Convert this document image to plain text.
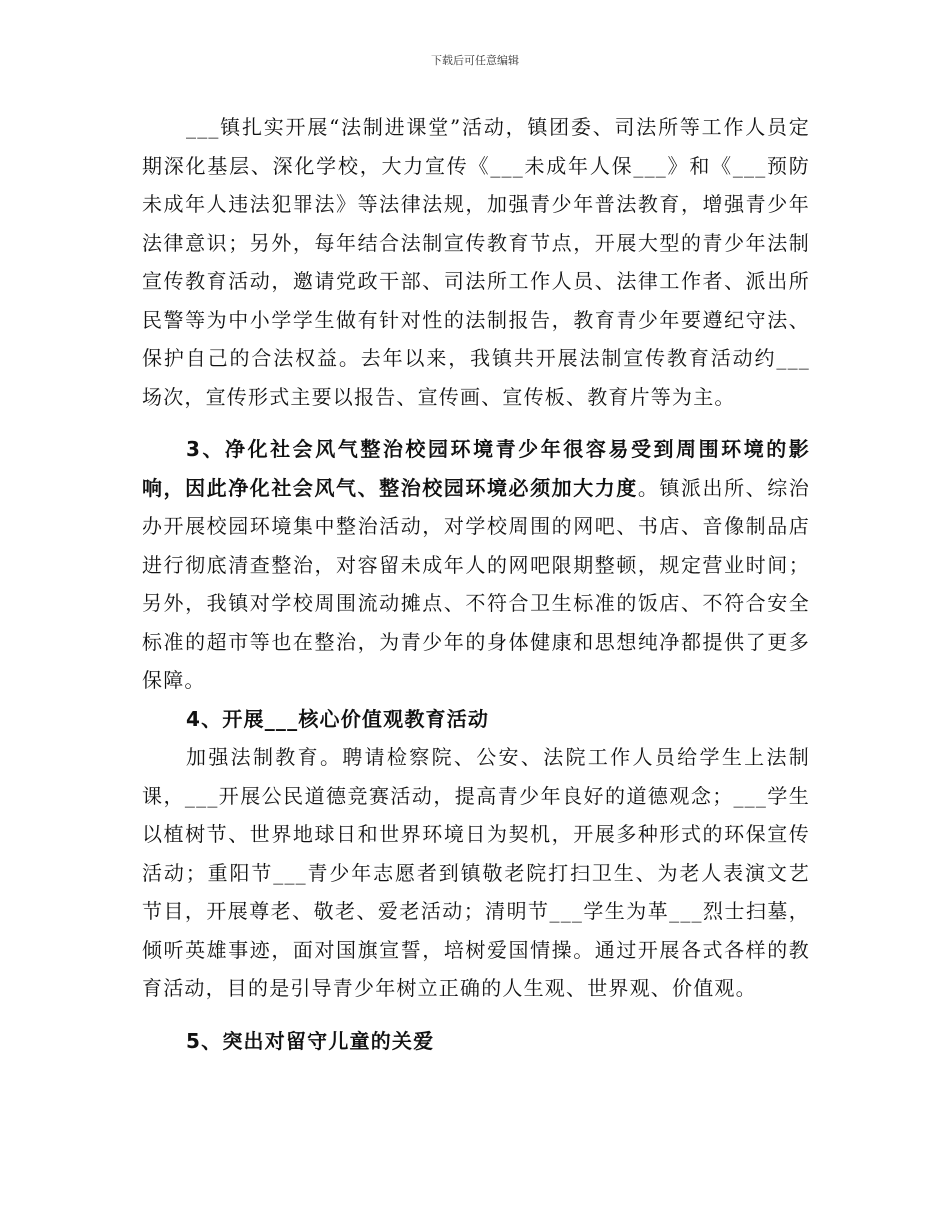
下载后可任意编辑

___镇扎实开展“法制进课堂”活动，镇团委、司法所等工作人员定期深化基层、深化学校，大力宣传《___未成年人保___》和《___预防未成年人违法犯罪法》等法律法规，加强青少年普法教育，增强青少年法律意识；另外，每年结合法制宣传教育节点，开展大型的青少年法制宣传教育活动，邀请党政干部、司法所工作人员、法律工作者、派出所民警等为中小学学生做有针对性的法制报告，教育青少年要遵纪守法、保护自己的合法权益。去年以来，我镇共开展法制宣传教育活动约___场次，宣传形式主要以报告、宣传画、宣传板、教育片等为主。

3、净化社会风气整治校园环境青少年很容易受到周围环境的影响，因此净化社会风气、整治校园环境必须加大力度。镇派出所、综治办开展校园环境集中整治活动，对学校周围的网吧、书店、音像制品店进行彻底清查整治，对容留未成年人的网吧限期整顿，规定营业时间；另外，我镇对学校周围流动摊点、不符合卫生标准的饭店、不符合安全标准的超市等也在整治，为青少年的身体健康和思想纯净都提供了更多保障。

4、开展___核心价值观教育活动

加强法制教育。聘请检察院、公安、法院工作人员给学生上法制课，___开展公民道德竞赛活动，提高青少年良好的道德观念；___学生以植树节、世界地球日和世界环境日为契机，开展多种形式的环保宣传活动；重阳节___青少年志愿者到镇敬老院打扫卫生、为老人表演文艺节目，开展尊老、敬老、爱老活动；清明节___学生为革___烈士扫墓，倾听英雄事迹，面对国旗宣誓，培树爱国情操。通过开展各式各样的教育活动，目的是引导青少年树立正确的人生观、世界观、价值观。

5、突出对留守儿童的关爱
